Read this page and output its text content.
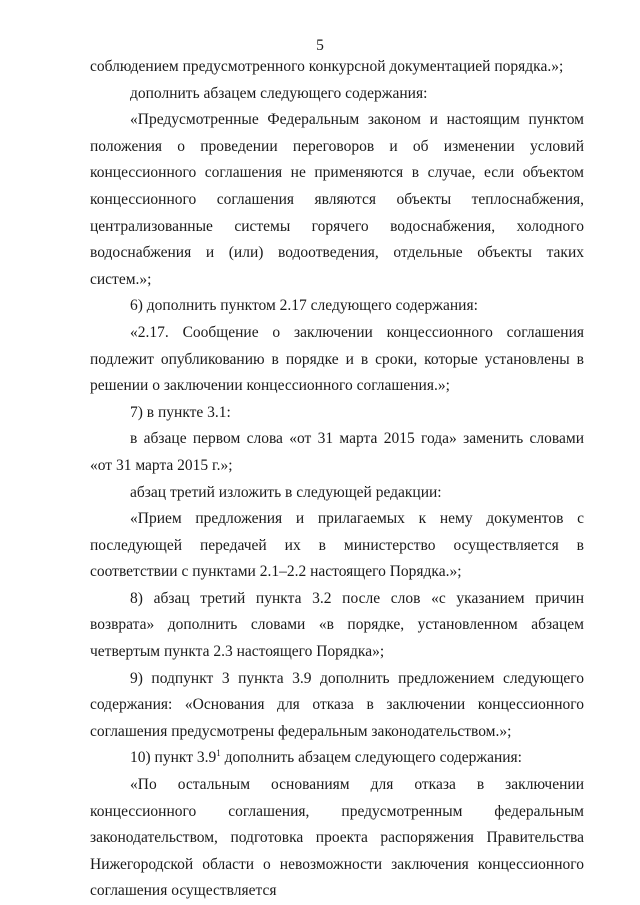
5

соблюдением предусмотренного конкурсной документацией порядка.»;

дополнить абзацем следующего содержания:

«Предусмотренные Федеральным законом и настоящим пунктом положения о проведении переговоров и об изменении условий концессионного соглашения не применяются в случае, если объектом концессионного соглашения являются объекты теплоснабжения, централизованные системы горячего водоснабжения, холодного водоснабжения и (или) водоотведения, отдельные объекты таких систем.»;

6) дополнить пунктом 2.17 следующего содержания:

«2.17. Сообщение о заключении концессионного соглашения подлежит опубликованию в порядке и в сроки, которые установлены в решении о заключении концессионного соглашения.»;

7) в пункте 3.1:

в абзаце первом слова «от 31 марта 2015 года» заменить словами «от 31 марта 2015 г.»;

абзац третий изложить в следующей редакции:

«Прием предложения и прилагаемых к нему документов с последующей передачей их в министерство осуществляется в соответствии с пунктами 2.1–2.2 настоящего Порядка.»;

8) абзац третий пункта 3.2 после слов «с указанием причин возврата» дополнить словами «в порядке, установленном абзацем четвертым пункта 2.3 настоящего Порядка»;

9) подпункт 3 пункта 3.9 дополнить предложением следующего содержания: «Основания для отказа в заключении концессионного соглашения предусмотрены федеральным законодательством.»;

10) пункт $3.9^1$ дополнить абзацем следующего содержания:

«По остальным основаниям для отказа в заключении концессионного соглашения, предусмотренным федеральным законодательством, подготовка проекта распоряжения Правительства Нижегородской области о невозможности заключения концессионного соглашения осуществляется
